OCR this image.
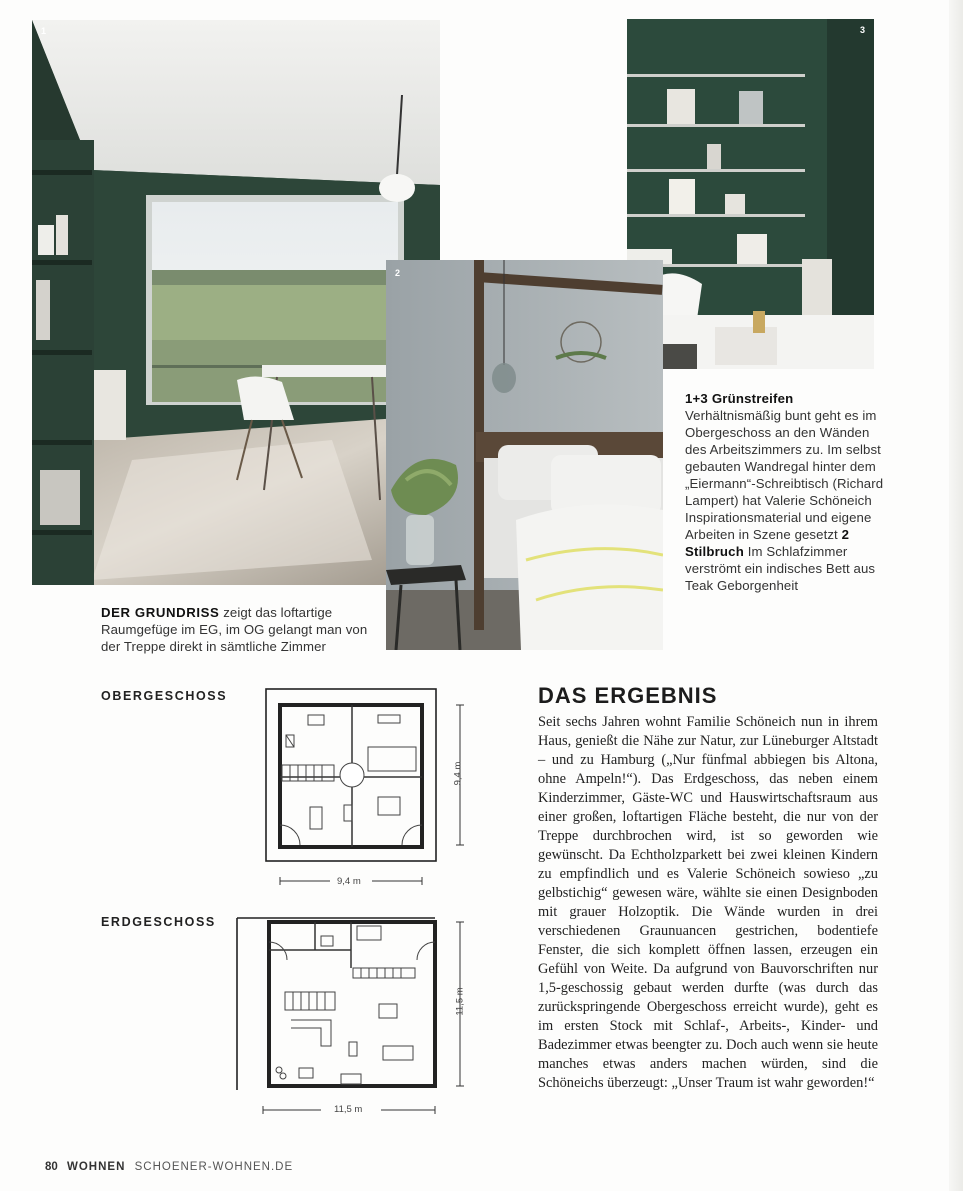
1	3
2
DER GRUNDRISS zeigt das loftartige Raumgefüge im EG, im OG gelangt man von der Treppe direkt in sämtliche Zimmer
1+3 Grünstreifen Verhältnismäßig bunt geht es im Obergeschoss an den Wänden des Arbeitszimmers zu. Im selbst gebauten Wandregal hinter dem „Eiermann“-Schreibtisch (Richard Lampert) hat Valerie Schöneich Inspirationsmaterial und eigene Arbeiten in Szene gesetzt 2 Stilbruch Im Schlafzimmer verströmt ein indisches Bett aus Teak Geborgenheit
OBERGESCHOSS
ERDGESCHOSS
9,4 m
9,4 m
11,5 m
11,5 m
DAS ERGEBNIS
Seit sechs Jahren wohnt Familie Schöneich nun in ihrem Haus, genießt die Nähe zur Natur, zur Lüneburger Altstadt – und zu Hamburg („Nur fünfmal abbiegen bis Altona, ohne Ampeln!“). Das Erdgeschoss, das neben einem Kinderzimmer, Gäste-WC und Hauswirtschaftsraum aus einer großen, loftartigen Fläche besteht, die nur von der Treppe durchbrochen wird, ist so geworden wie gewünscht. Da Echtholzparkett bei zwei kleinen Kindern zu empfindlich und es Valerie Schöneich sowieso „zu gelbstichig“ gewesen wäre, wählte sie einen Designboden mit grauer Holzoptik. Die Wände wurden in drei verschiedenen Graunuancen gestrichen, bodentiefe Fenster, die sich komplett öffnen lassen, erzeugen ein Gefühl von Weite. Da aufgrund von Bauvorschriften nur 1,5-geschossig gebaut werden durfte (was durch das zurückspringende Obergeschoss erreicht wurde), geht es im ersten Stock mit Schlaf-, Arbeits-, Kinder- und Badezimmer etwas beengter zu. Doch auch wenn sie heute manches etwas anders machen würden, sind die Schöneichs überzeugt: „Unser Traum ist wahr geworden!“
80 WOHNEN SCHOENER-WOHNEN.DE
